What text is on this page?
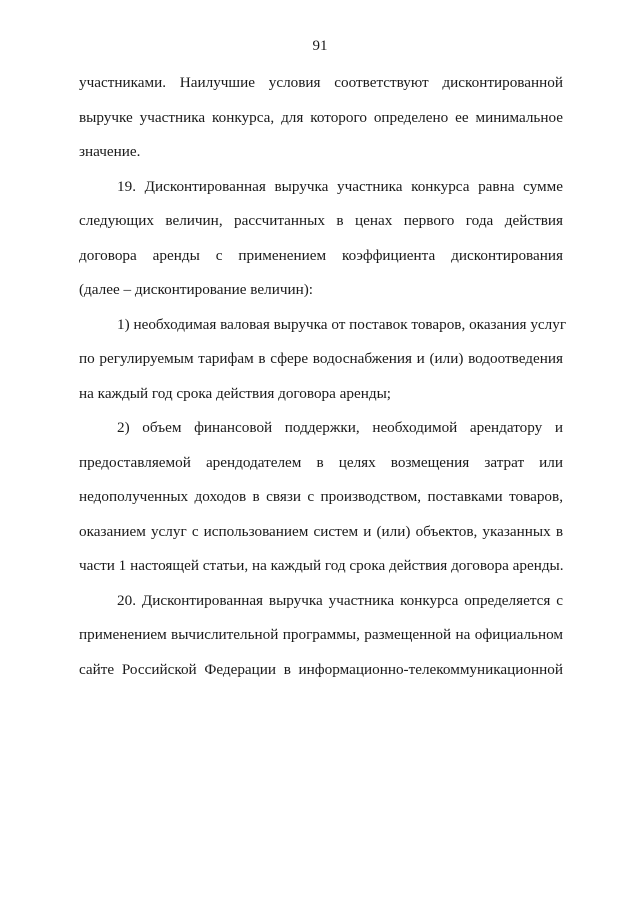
91
участниками. Наилучшие условия соответствуют дисконтированной
выручке участника конкурса, для которого определено ее минимальное
значение.
19. Дисконтированная выручка участника конкурса равна сумме
следующих величин, рассчитанных в ценах первого года действия
договора аренды с применением коэффициента дисконтирования
(далее – дисконтирование величин):
1) необходимая валовая выручка от поставок товаров, оказания услуг
по регулируемым тарифам в сфере водоснабжения и (или) водоотведения
на каждый год срока действия договора аренды;
2) объем финансовой поддержки, необходимой арендатору и
предоставляемой арендодателем в целях возмещения затрат или
недополученных доходов в связи с производством, поставками товаров,
оказанием услуг с использованием систем и (или) объектов, указанных в
части 1 настоящей статьи, на каждый год срока действия договора аренды.
20. Дисконтированная выручка участника конкурса определяется с
применением вычислительной программы, размещенной на официальном
сайте Российской Федерации в информационно-телекоммуникационной
